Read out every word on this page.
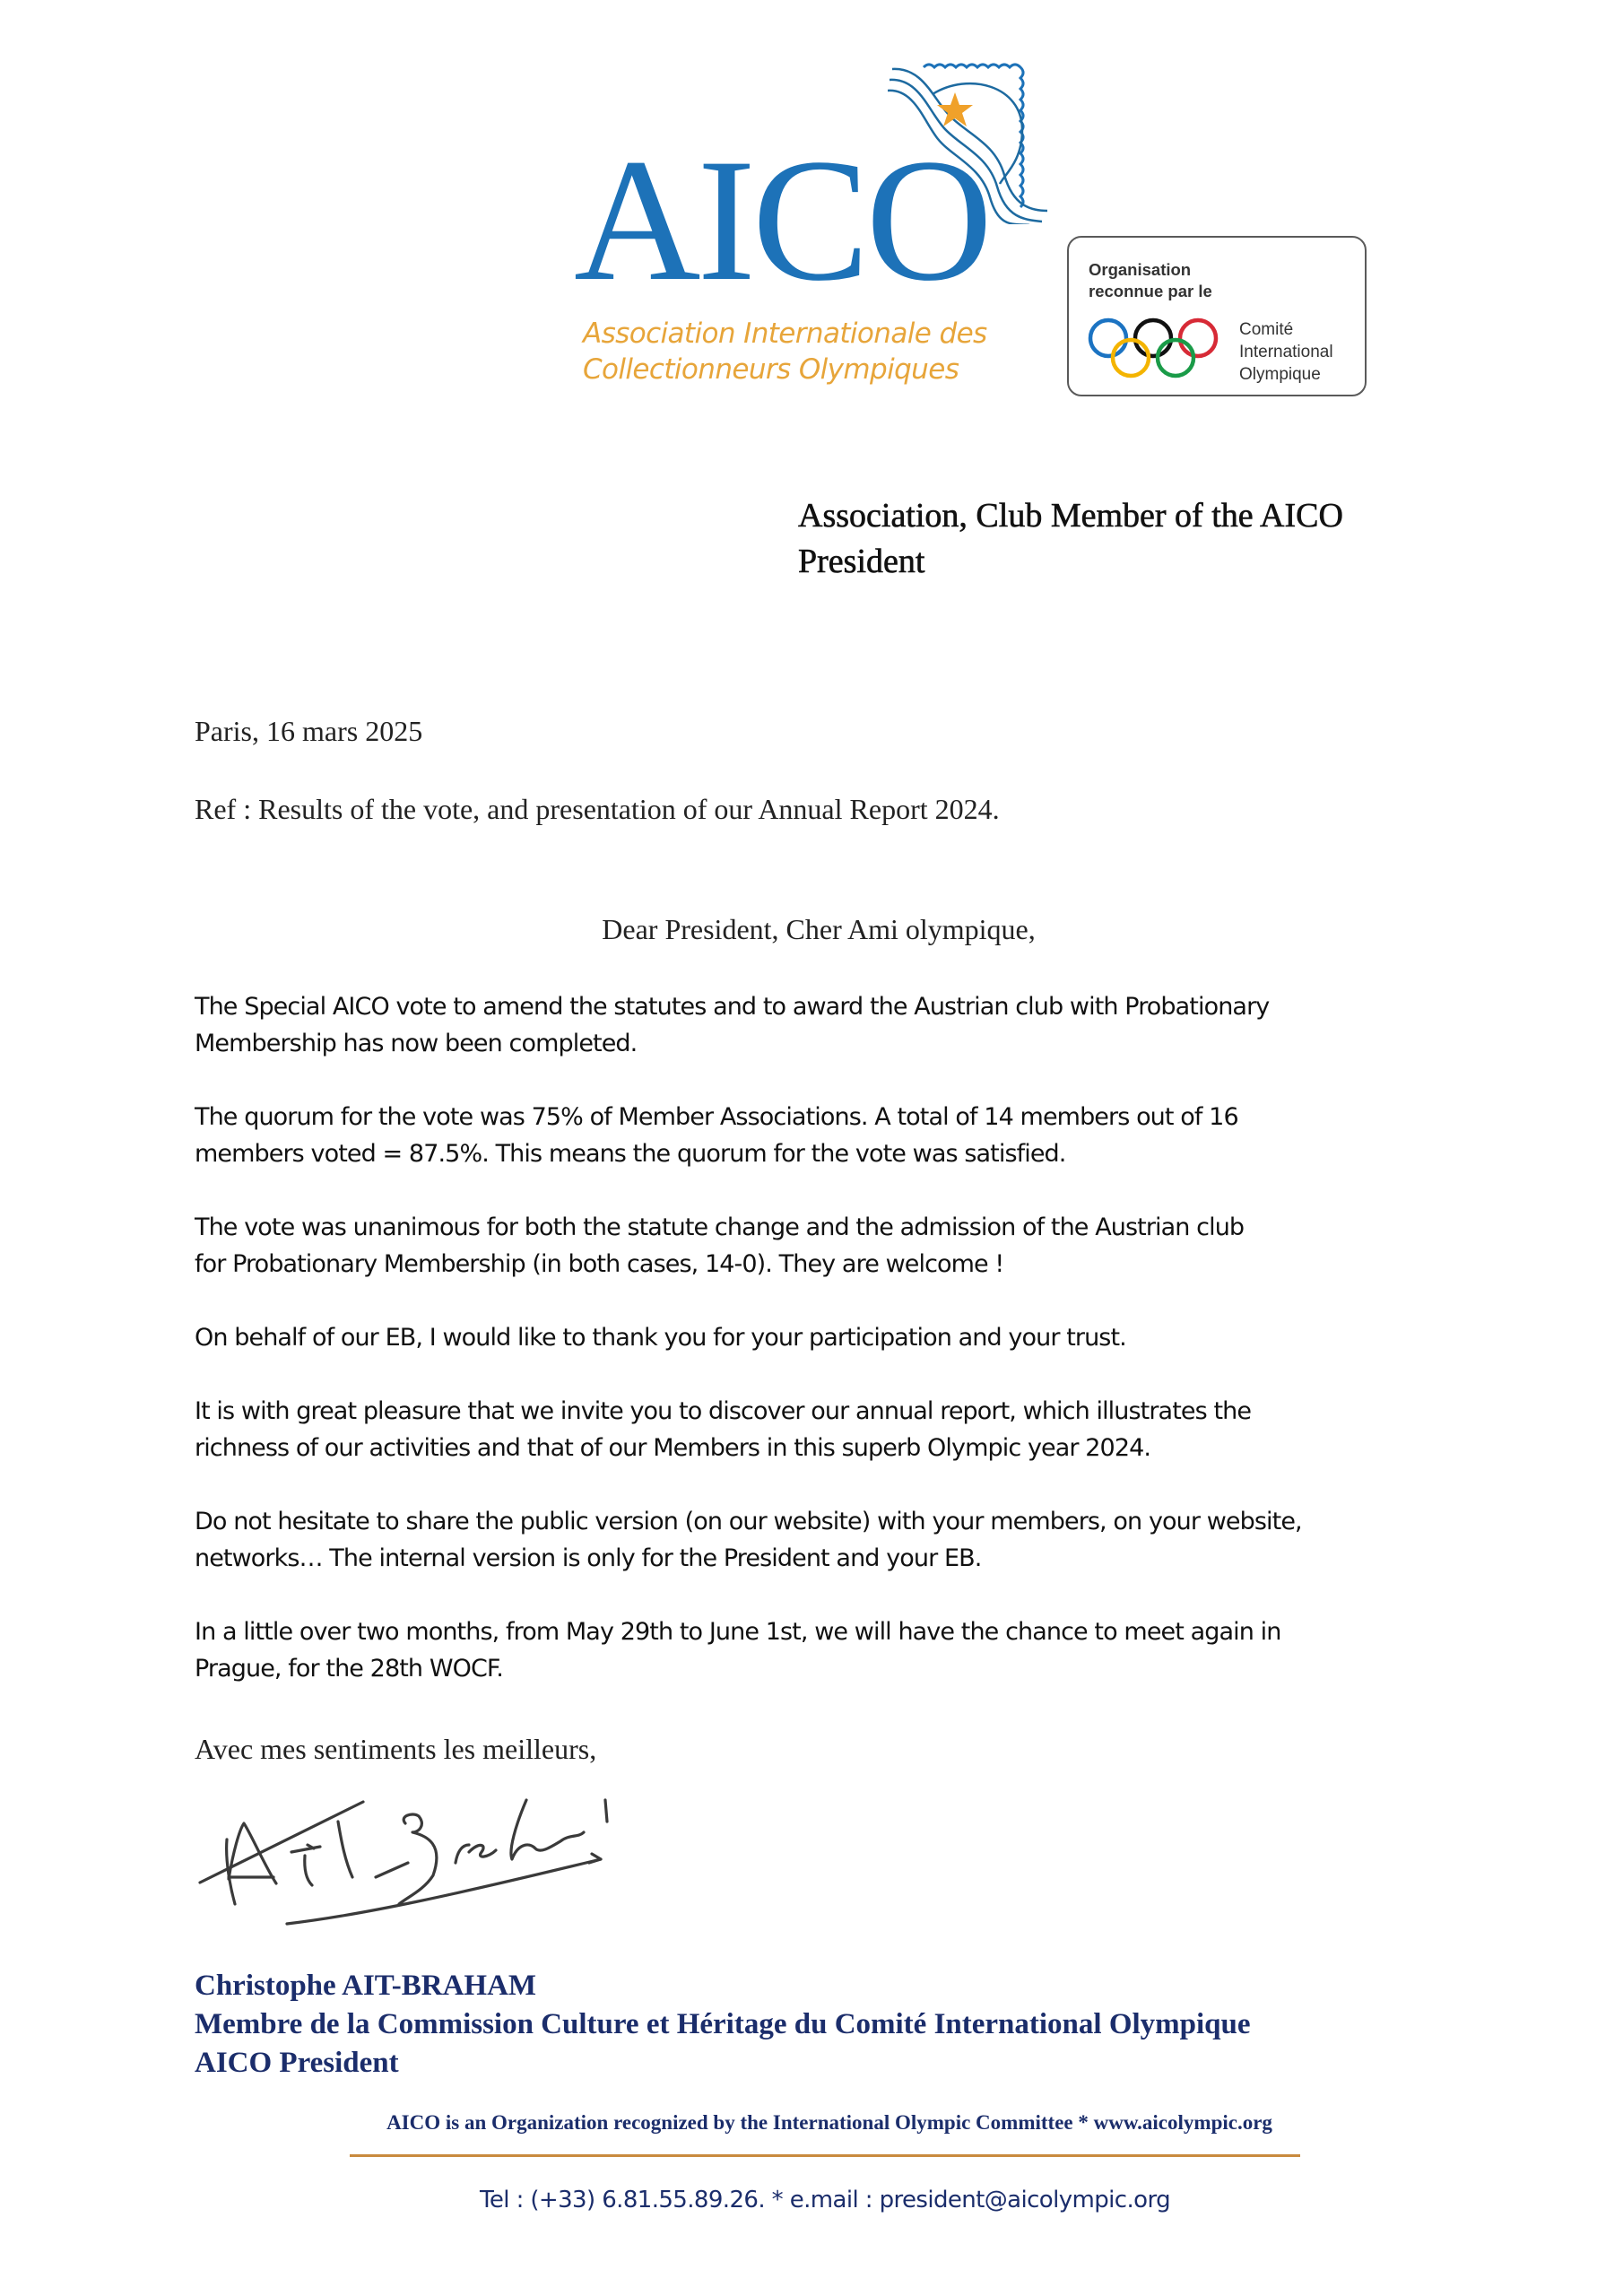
AICO
Association Internationale des
Collectionneurs Olympiques
Organisation
reconnue par le
Comité
International
Olympique
Association, Club Member of the AICO
President
Paris, 16 mars 2025
Ref : Results of the vote, and presentation of our Annual Report 2024.
Dear President, Cher Ami olympique,

The Special AICO vote to amend the statutes and to award the Austrian club with Probationary
Membership has now been completed.

The quorum for the vote was 75% of Member Associations. A total of 14 members out of 16
members voted = 87.5%. This means the quorum for the vote was satisfied.

The vote was unanimous for both the statute change and the admission of the Austrian club
for Probationary Membership (in both cases, 14-0). They are welcome !

On behalf of our EB, I would like to thank you for your participation and your trust.

It is with great pleasure that we invite you to discover our annual report, which illustrates the
richness of our activities and that of our Members in this superb Olympic year 2024.

Do not hesitate to share the public version (on our website) with your members, on your website,
networks… The internal version is only for the President and your EB.

In a little over two months, from May 29th to June 1st, we will have the chance to meet again in
Prague, for the 28th WOCF.

Avec mes sentiments les meilleurs,
Christophe AIT-BRAHAM
Membre de la Commission Culture et Héritage du Comité International Olympique
AICO President
AICO is an Organization recognized by the International Olympic Committee * www.aicolympic.org
Tel : (+33) 6.81.55.89.26. * e.mail : president@aicolympic.org
